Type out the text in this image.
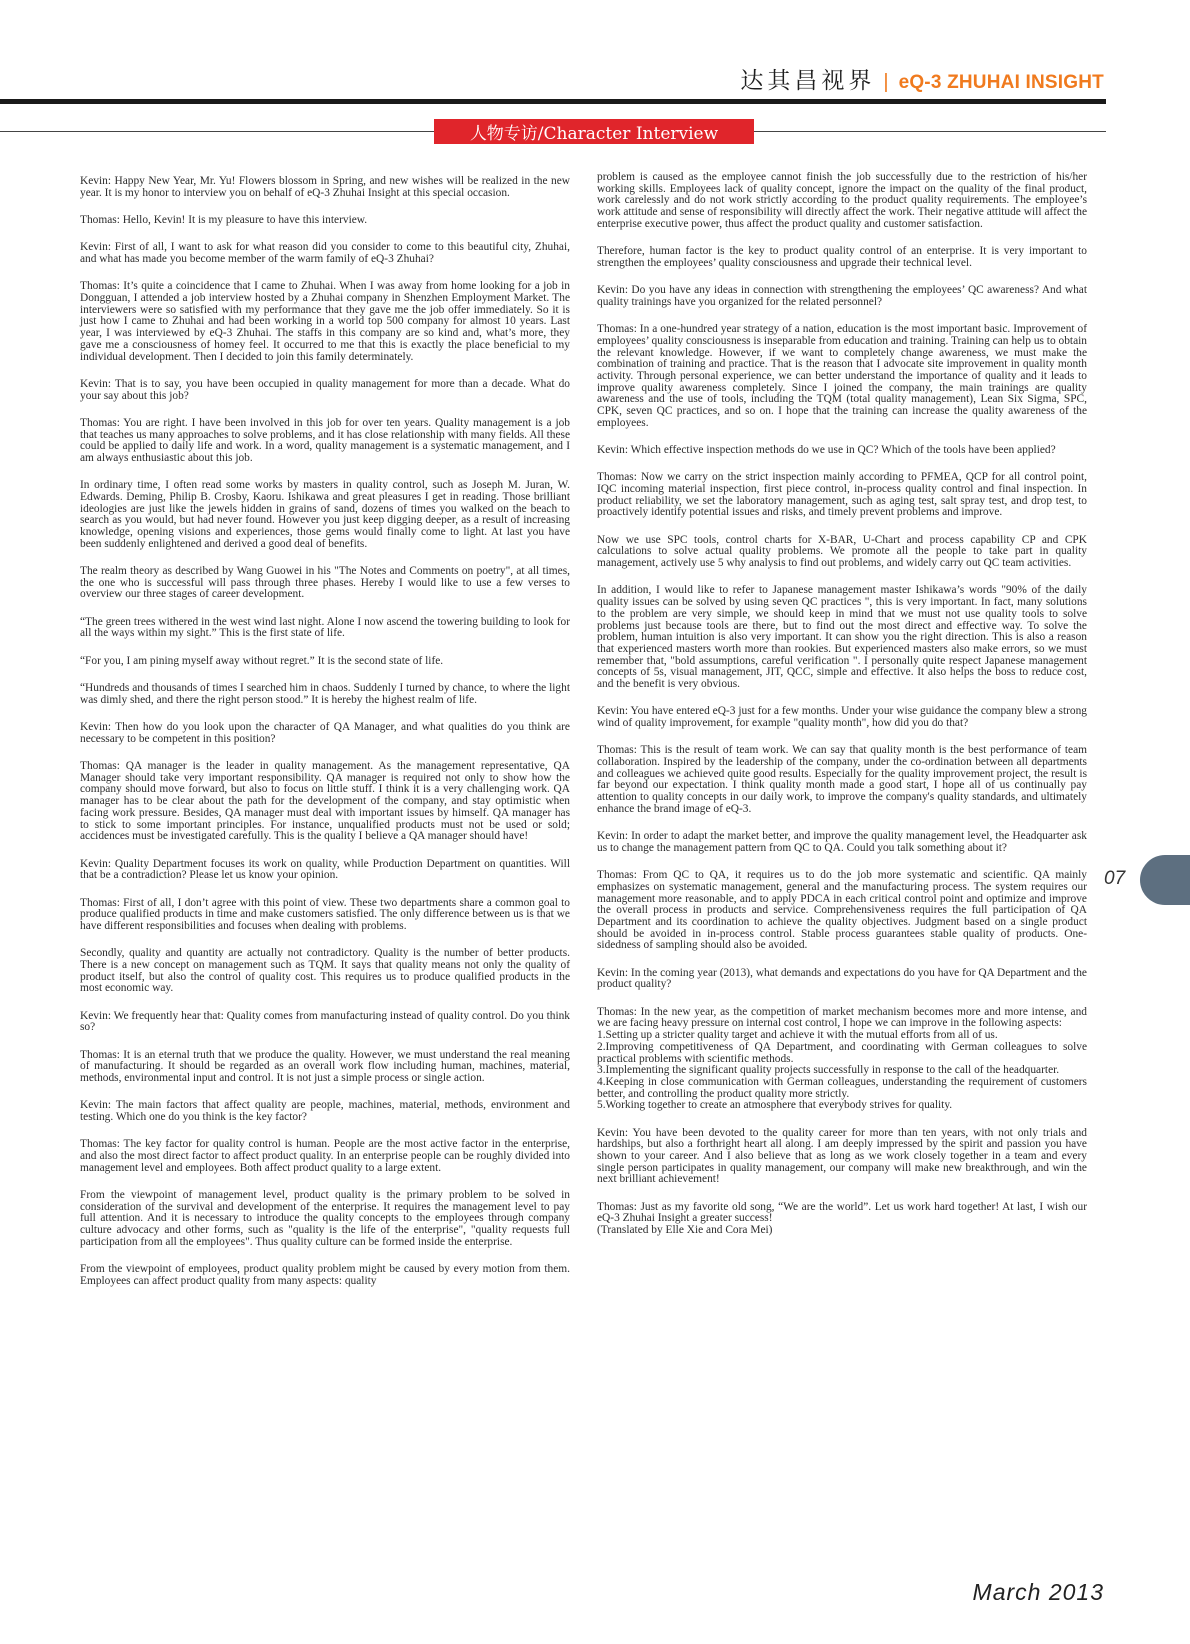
达其昌视界 | eQ-3 ZHUHAI INSIGHT
人物专访/Character Interview

Kevin: Happy New Year, Mr. Yu! Flowers blossom in Spring, and new wishes will be realized in the new year. It is my honor to interview you on behalf of eQ-3 Zhuhai Insight at this special occasion.

Thomas: Hello, Kevin! It is my pleasure to have this interview.

Kevin: First of all, I want to ask for what reason did you consider to come to this beautiful city, Zhuhai, and what has made you become member of the warm family of eQ-3 Zhuhai?

Thomas: It’s quite a coincidence that I came to Zhuhai. When I was away from home looking for a job in Dongguan, I attended a job interview hosted by a Zhuhai company in Shenzhen Employment Market. The interviewers were so satisfied with my performance that they gave me the job offer immediately. So it is just how I came to Zhuhai and had been working in a world top 500 company for almost 10 years. Last year, I was interviewed by eQ-3 Zhuhai. The staffs in this company are so kind and, what’s more, they gave me a consciousness of homey feel. It occurred to me that this is exactly the place beneficial to my individual development. Then I decided to join this family determinately.

Kevin: That is to say, you have been occupied in quality management for more than a decade. What do your say about this job?

Thomas: You are right. I have been involved in this job for over ten years. Quality management is a job that teaches us many approaches to solve problems, and it has close relationship with many fields. All these could be applied to daily life and work. In a word, quality management is a systematic management, and I am always enthusiastic about this job.

In ordinary time, I often read some works by masters in quality control, such as Joseph M. Juran, W. Edwards. Deming, Philip B. Crosby, Kaoru. Ishikawa and great pleasures I get in reading. Those brilliant ideologies are just like the jewels hidden in grains of sand, dozens of times you walked on the beach to search as you would, but had never found. However you just keep digging deeper, as a result of increasing knowledge, opening visions and experiences, those gems would finally come to light. At last you have been suddenly enlightened and derived a good deal of benefits.

The realm theory as described by Wang Guowei in his "The Notes and Comments on poetry", at all times, the one who is successful will pass through three phases. Hereby I would like to use a few verses to overview our three stages of career development.

“The green trees withered in the west wind last night. Alone I now ascend the towering building to look for all the ways within my sight.” This is the first state of life.

“For you, I am pining myself away without regret.” It is the second state of life.

“Hundreds and thousands of times I searched him in chaos. Suddenly I turned by chance, to where the light was dimly shed, and there the right person stood.” It is hereby the highest realm of life.

Kevin: Then how do you look upon the character of QA Manager, and what qualities do you think are necessary to be competent in this position?

Thomas: QA manager is the leader in quality management. As the management representative, QA Manager should take very important responsibility. QA manager is required not only to show how the company should move forward, but also to focus on little stuff. I think it is a very challenging work. QA manager has to be clear about the path for the development of the company, and stay optimistic when facing work pressure. Besides, QA manager must deal with important issues by himself. QA manager has to stick to some important principles. For instance, unqualified products must not be used or sold; accidences must be investigated carefully. This is the quality I believe a QA manager should have!

Kevin: Quality Department focuses its work on quality, while Production Department on quantities. Will that be a contradiction? Please let us know your opinion.

Thomas: First of all, I don’t agree with this point of view. These two departments share a common goal to produce qualified products in time and make customers satisfied. The only difference between us is that we have different responsibilities and focuses when dealing with problems.

Secondly, quality and quantity are actually not contradictory. Quality is the number of better products. There is a new concept on management such as TQM. It says that quality means not only the quality of product itself, but also the control of quality cost. This requires us to produce qualified products in the most economic way.

Kevin: We frequently hear that: Quality comes from manufacturing instead of quality control. Do you think so?

Thomas: It is an eternal truth that we produce the quality. However, we must understand the real meaning of manufacturing. It should be regarded as an overall work flow including human, machines, material, methods, environmental input and control. It is not just a simple process or single action.

Kevin: The main factors that affect quality are people, machines, material, methods, environment and testing. Which one do you think is the key factor?

Thomas: The key factor for quality control is human. People are the most active factor in the enterprise, and also the most direct factor to affect product quality. In an enterprise people can be roughly divided into management level and employees. Both affect product quality to a large extent.

From the viewpoint of management level, product quality is the primary problem to be solved in consideration of the survival and development of the enterprise. It requires the management level to pay full attention. And it is necessary to introduce the quality concepts to the employees through company culture advocacy and other forms, such as "quality is the life of the enterprise", "quality requests full participation from all the employees". Thus quality culture can be formed inside the enterprise.

From the viewpoint of employees, product quality problem might be caused by every motion from them. Employees can affect product quality from many aspects: quality

problem is caused as the employee cannot finish the job successfully due to the restriction of his/her working skills. Employees lack of quality concept, ignore the impact on the quality of the final product, work carelessly and do not work strictly according to the product quality requirements. The employee’s work attitude and sense of responsibility will directly affect the work. Their negative attitude will affect the enterprise executive power, thus affect the product quality and customer satisfaction.

Therefore, human factor is the key to product quality control of an enterprise. It is very important to strengthen the employees’ quality consciousness and upgrade their technical level.

Kevin: Do you have any ideas in connection with strengthening the employees’ QC awareness? And what quality trainings have you organized for the related personnel?

Thomas: In a one-hundred year strategy of a nation, education is the most important basic. Improvement of employees’ quality consciousness is inseparable from education and training. Training can help us to obtain the relevant knowledge. However, if we want to completely change awareness, we must make the combination of training and practice. That is the reason that I advocate site improvement in quality month activity. Through personal experience, we can better understand the importance of quality and it leads to improve quality awareness completely. Since I joined the company, the main trainings are quality awareness and the use of tools, including the TQM (total quality management), Lean Six Sigma, SPC, CPK, seven QC practices, and so on. I hope that the training can increase the quality awareness of the employees.

Kevin: Which effective inspection methods do we use in QC? Which of the tools have been applied?

Thomas: Now we carry on the strict inspection mainly according to PFMEA, QCP for all control point, IQC incoming material inspection, first piece control, in-process quality control and final inspection. In product reliability, we set the laboratory management, such as aging test, salt spray test, and drop test, to proactively identify potential issues and risks, and timely prevent problems and improve.

Now we use SPC tools, control charts for X-BAR, U-Chart and process capability CP and CPK calculations to solve actual quality problems. We promote all the people to take part in quality management, actively use 5 why analysis to find out problems, and widely carry out QC team activities.

In addition, I would like to refer to Japanese management master Ishikawa’s words "90% of the daily quality issues can be solved by using seven QC practices ", this is very important. In fact, many solutions to the problem are very simple, we should keep in mind that we must not use quality tools to solve problems just because tools are there, but to find out the most direct and effective way. To solve the problem, human intuition is also very important. It can show you the right direction. This is also a reason that experienced masters worth more than rookies. But experienced masters also make errors, so we must remember that, "bold assumptions, careful verification ". I personally quite respect Japanese management concepts of 5s, visual management, JIT, QCC, simple and effective. It also helps the boss to reduce cost, and the benefit is very obvious.

Kevin: You have entered eQ-3 just for a few months. Under your wise guidance the company blew a strong wind of quality improvement, for example "quality month", how did you do that?

Thomas: This is the result of team work. We can say that quality month is the best performance of team collaboration. Inspired by the leadership of the company, under the co-ordination between all departments and colleagues we achieved quite good results. Especially for the quality improvement project, the result is far beyond our expectation. I think quality month made a good start, I hope all of us continually pay attention to quality concepts in our daily work, to improve the company's quality standards, and ultimately enhance the brand image of eQ-3.

Kevin: In order to adapt the market better, and improve the quality management level, the Headquarter ask us to change the management pattern from QC to QA. Could you talk something about it?

Thomas: From QC to QA, it requires us to do the job more systematic and scientific. QA mainly emphasizes on systematic management, general and the manufacturing process. The system requires our management more reasonable, and to apply PDCA in each critical control point and optimize and improve the overall process in products and service. Comprehensiveness requires the full participation of QA Department and its coordination to achieve the quality objectives. Judgment based on a single product should be avoided in in-process control. Stable process guarantees stable quality of products. One-sidedness of sampling should also be avoided.

Kevin: In the coming year (2013), what demands and expectations do you have for QA Department and the product quality?

Thomas: In the new year, as the competition of market mechanism becomes more and more intense, and we are facing heavy pressure on internal cost control, I hope we can improve in the following aspects:
1.Setting up a stricter quality target and achieve it with the mutual efforts from all of us.
2.Improving competitiveness of QA Department, and coordinating with German colleagues to solve practical problems with scientific methods.
3.Implementing the significant quality projects successfully in response to the call of the headquarter.
4.Keeping in close communication with German colleagues, understanding the requirement of customers better, and controlling the product quality more strictly.
5.Working together to create an atmosphere that everybody strives for quality.

Kevin: You have been devoted to the quality career for more than ten years, with not only trials and hardships, but also a forthright heart all along. I am deeply impressed by the spirit and passion you have shown to your career. And I also believe that as long as we work closely together in a team and every single person participates in quality management, our company will make new breakthrough, and win the next brilliant achievement!

Thomas: Just as my favorite old song, “We are the world”. Let us work hard together! At last, I wish our eQ-3 Zhuhai Insight a greater success!
(Translated by Elle Xie and Cora Mei)

07
March 2013
